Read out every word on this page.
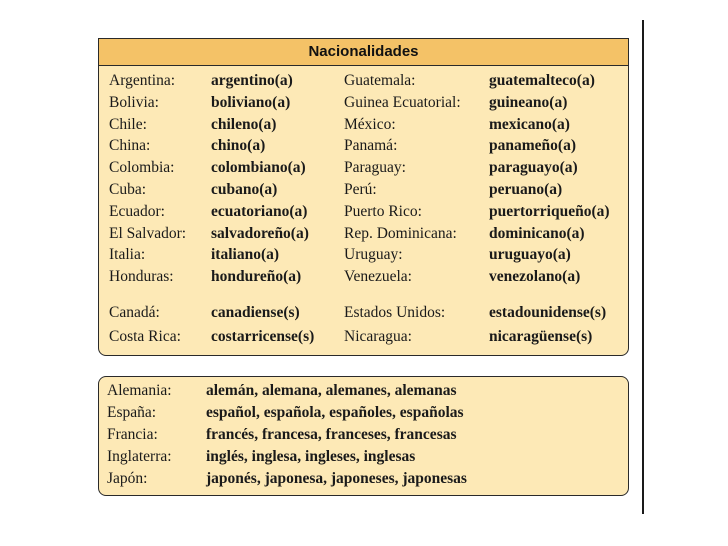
Nacionalidades
Argentina: argentino(a)	Guatemala:	guatemalteco(a)
Bolivia:	boliviano(a)	Guinea Ecuatorial: guineano(a)
Chile:	chileno(a)	México:	mexicano(a)
China:	chino(a)	Panamá:	panameño(a)
Colombia: colombiano(a) Paraguay:	paraguayo(a)
Cuba:	cubano(a)	Perú:	peruano(a)
Ecuador:	ecuatoriano(a) Puerto Rico:	puertorriqueño(a)
El Salvador: salvadoreño(a) Rep. Dominicana: dominicano(a)
Italia:	italiano(a)	Uruguay:	uruguayo(a)
Honduras: hondureño(a)	Venezuela:	venezolano(a)
Canadá:	canadiense(s)	Estados Unidos:	estadounidense(s)
Costa Rica: costarricense(s) Nicaragua:	nicaragüense(s)
Alemania: alemán, alemana, alemanes, alemanas
España:	español, española, españoles, españolas
Francia:	francés, francesa, franceses, francesas
Inglaterra: inglés, inglesa, ingleses, inglesas
Japón:	japonés, japonesa, japoneses, japonesas
